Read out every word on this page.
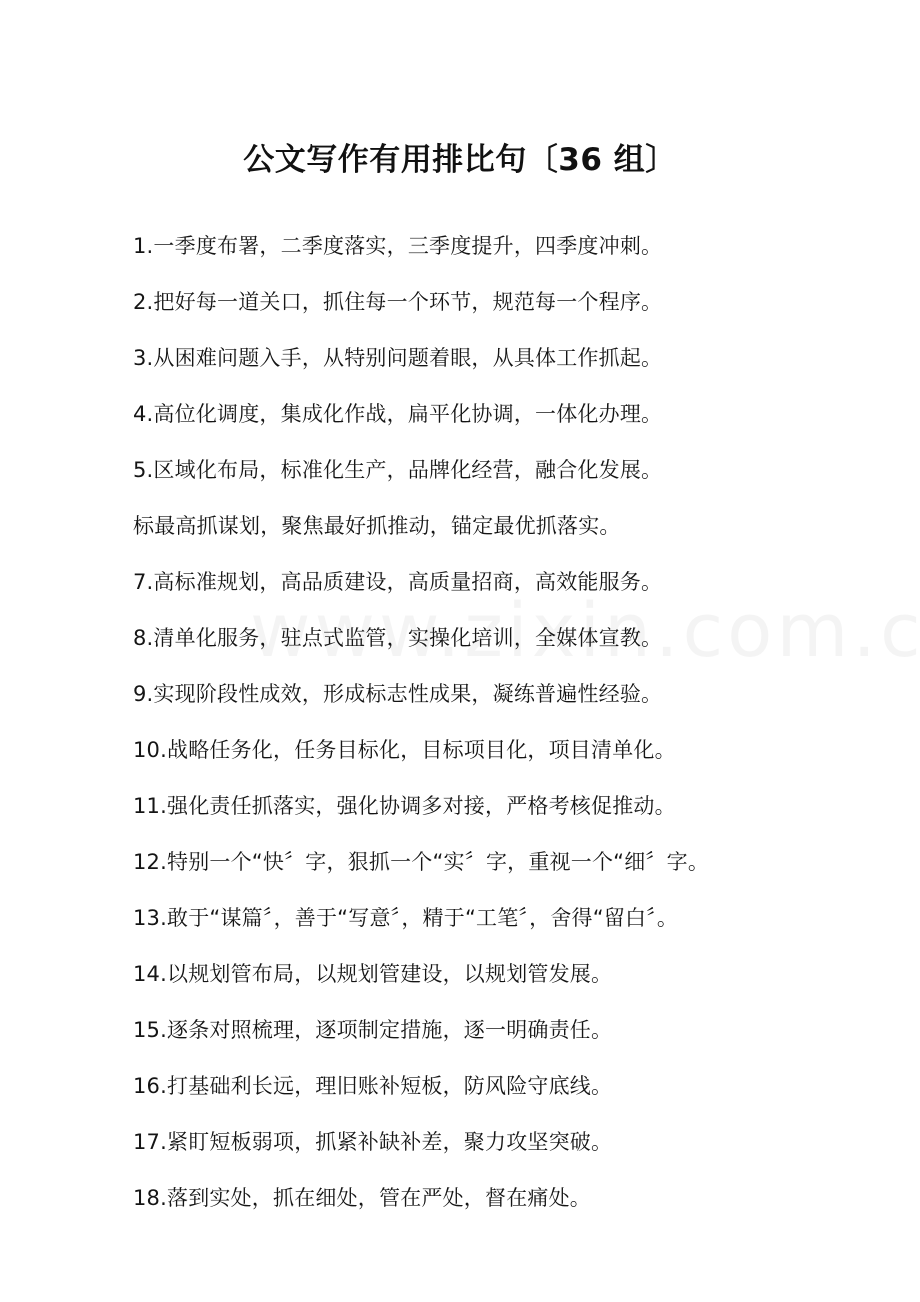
公文写作有用排比句〔36 组〕
1.一季度布署，二季度落实，三季度提升，四季度冲刺。
2.把好每一道关口，抓住每一个环节，规范每一个程序。
3.从困难问题入手，从特别问题着眼，从具体工作抓起。
4.高位化调度，集成化作战，扁平化协调，一体化办理。
5.区域化布局，标准化生产，品牌化经营，融合化发展。
标最高抓谋划，聚焦最好抓推动，锚定最优抓落实。
7.高标准规划，高品质建设，高质量招商，高效能服务。
8.清单化服务，驻点式监管，实操化培训，全媒体宣教。
9.实现阶段性成效，形成标志性成果，凝练普遍性经验。
10.战略任务化，任务目标化，目标项目化，项目清单化。
11.强化责任抓落实，强化协调多对接，严格考核促推动。
12.特别一个“快〞字，狠抓一个“实〞字，重视一个“细〞字。
13.敢于“谋篇〞，善于“写意〞，精于“工笔〞，舍得“留白〞。
14.以规划管布局，以规划管建设，以规划管发展。
15.逐条对照梳理，逐项制定措施，逐一明确责任。
16.打基础利长远，理旧账补短板，防风险守底线。
17.紧盯短板弱项，抓紧补缺补差，聚力攻坚突破。
18.落到实处，抓在细处，管在严处，督在痛处。
